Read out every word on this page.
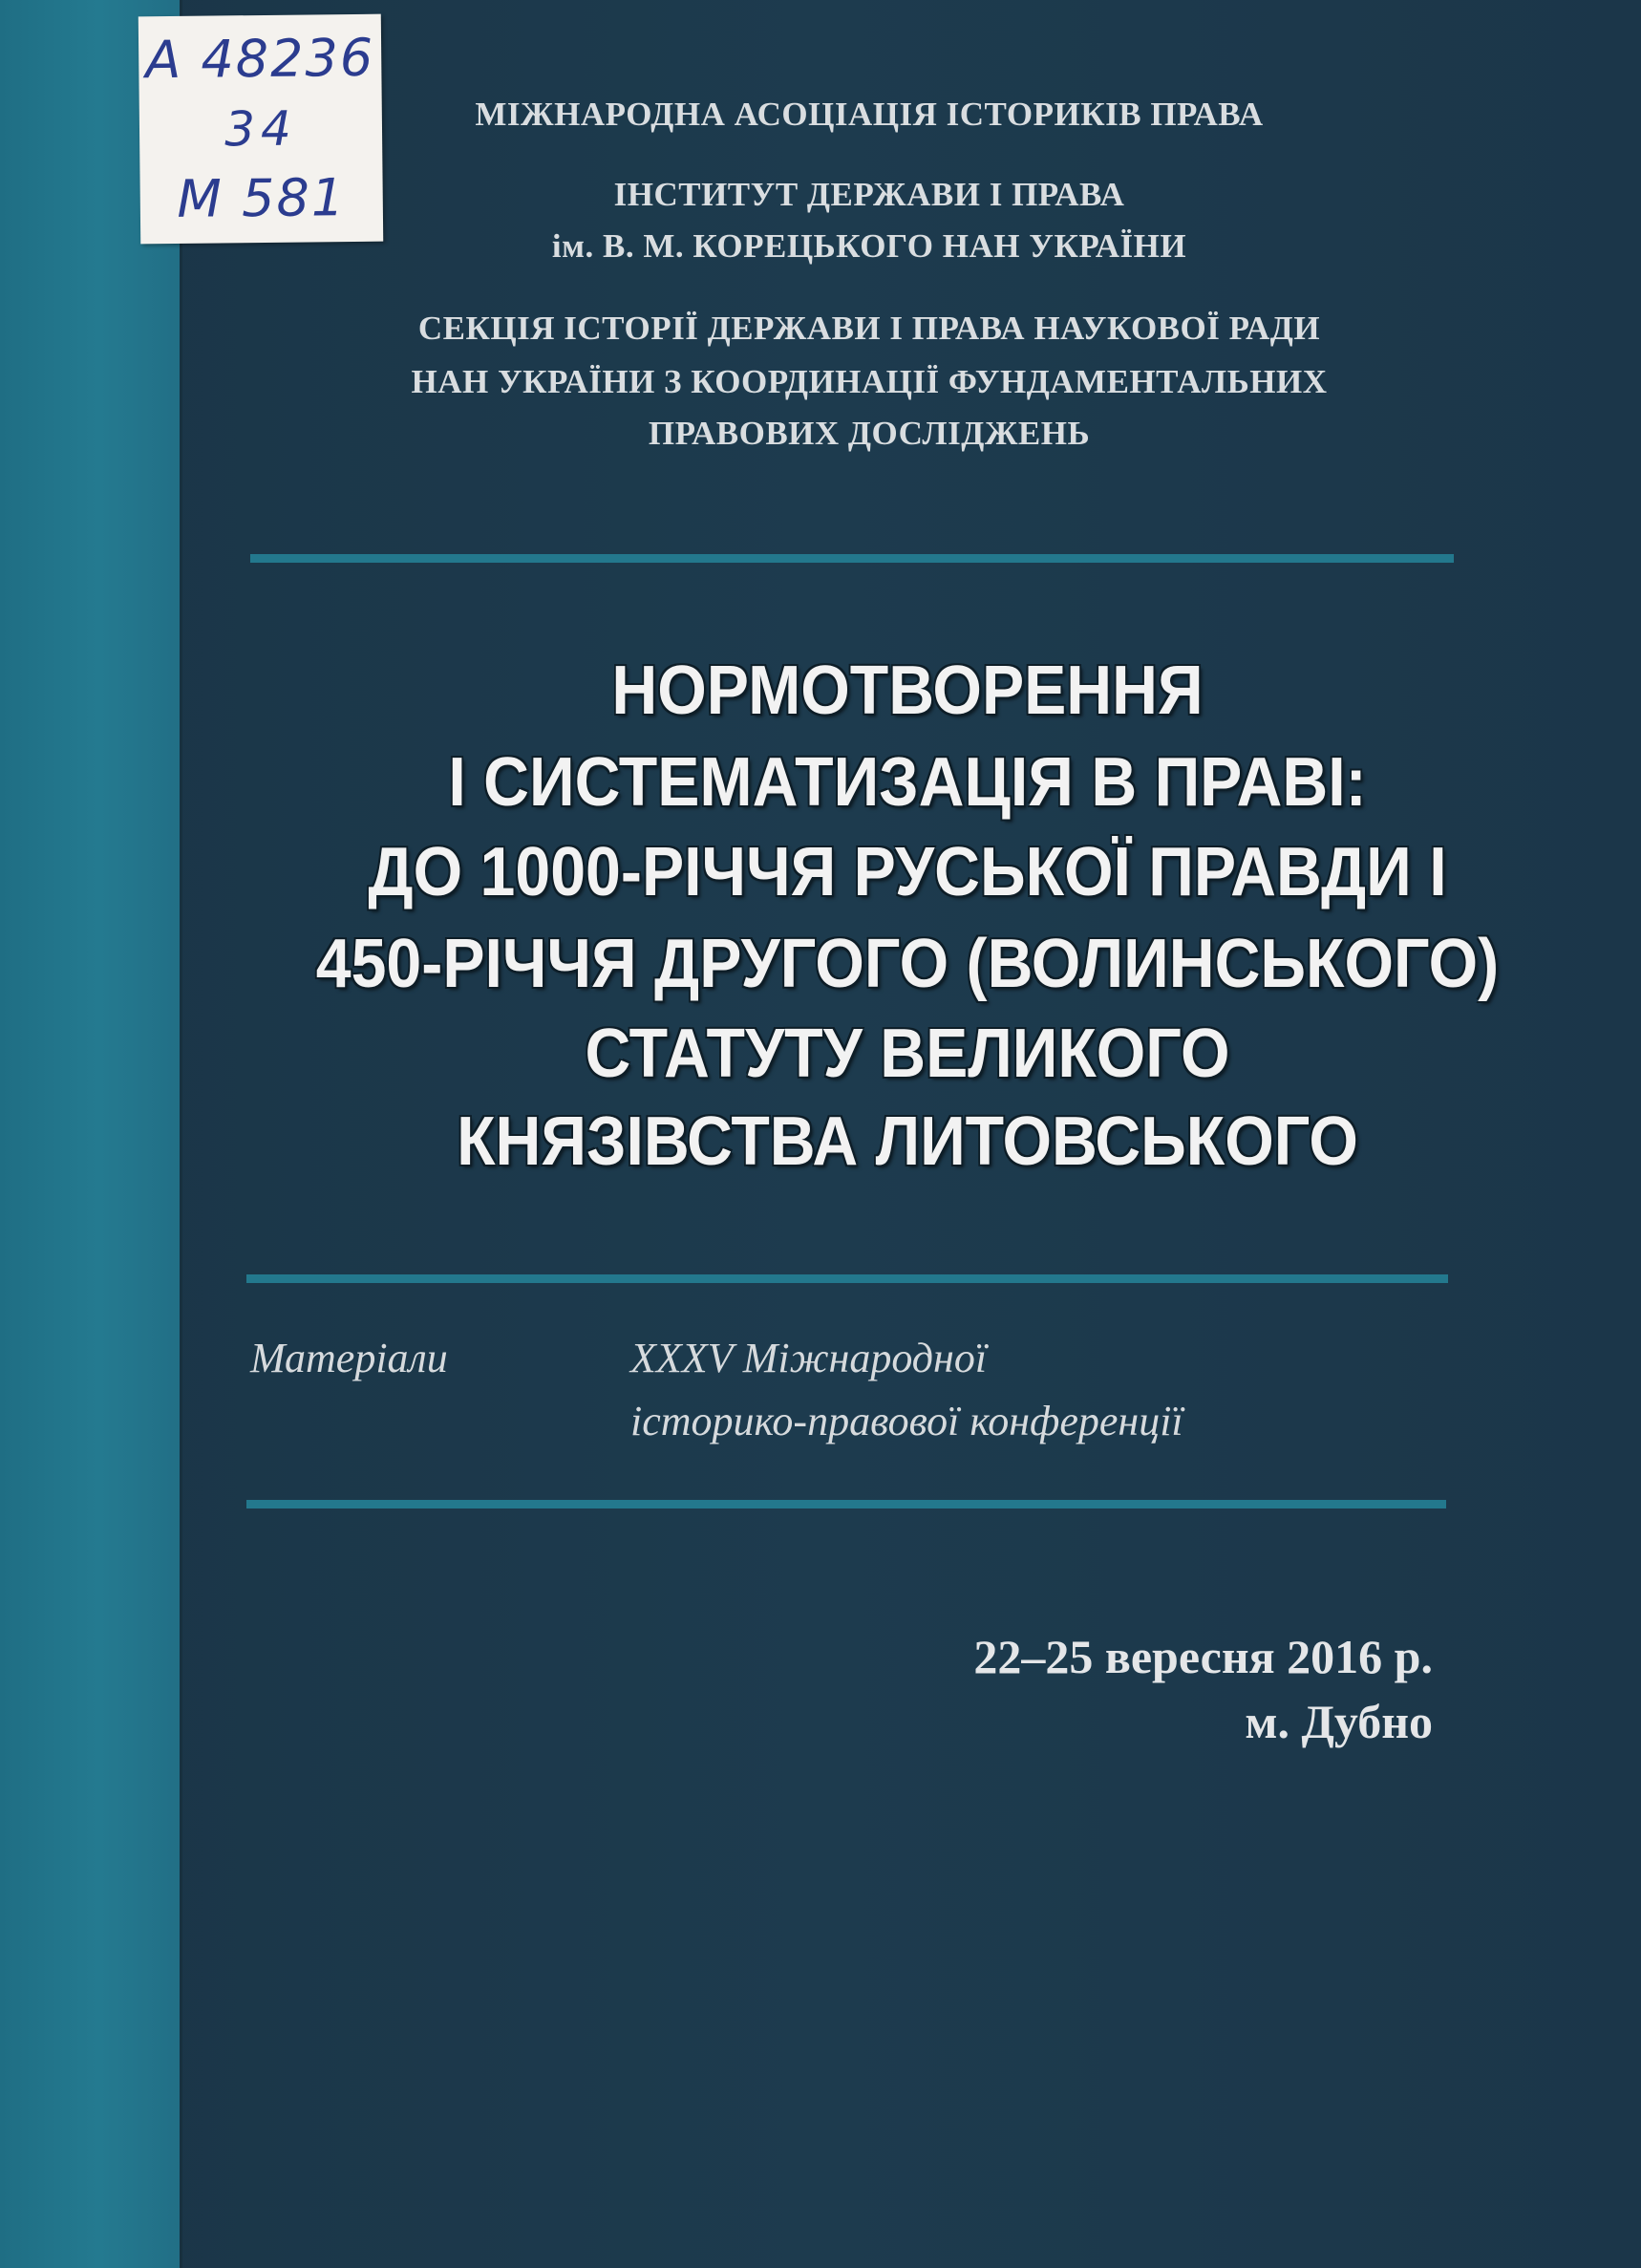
А 48236
34
М 581
МІЖНАРОДНА АСОЦІАЦІЯ ІСТОРИКІВ ПРАВА
ІНСТИТУТ ДЕРЖАВИ І ПРАВА
ім. В. М. КОРЕЦЬКОГО НАН УКРАЇНИ
СЕКЦІЯ ІСТОРІЇ ДЕРЖАВИ І ПРАВА НАУКОВОЇ РАДИ
НАН УКРАЇНИ З КООРДИНАЦІЇ ФУНДАМЕНТАЛЬНИХ
ПРАВОВИХ ДОСЛІДЖЕНЬ
НОРМОТВОРЕННЯ
І СИСТЕМАТИЗАЦІЯ В ПРАВІ:
ДО 1000-РІЧЧЯ РУСЬКОЇ ПРАВДИ І
450-РІЧЧЯ ДРУГОГО (ВОЛИНСЬКОГО)
СТАТУТУ ВЕЛИКОГО
КНЯЗІВСТВА ЛИТОВСЬКОГО
Матеріали	XXXV Міжнародної
історико-правової конференції
22–25 вересня 2016 р.
м. Дубно
